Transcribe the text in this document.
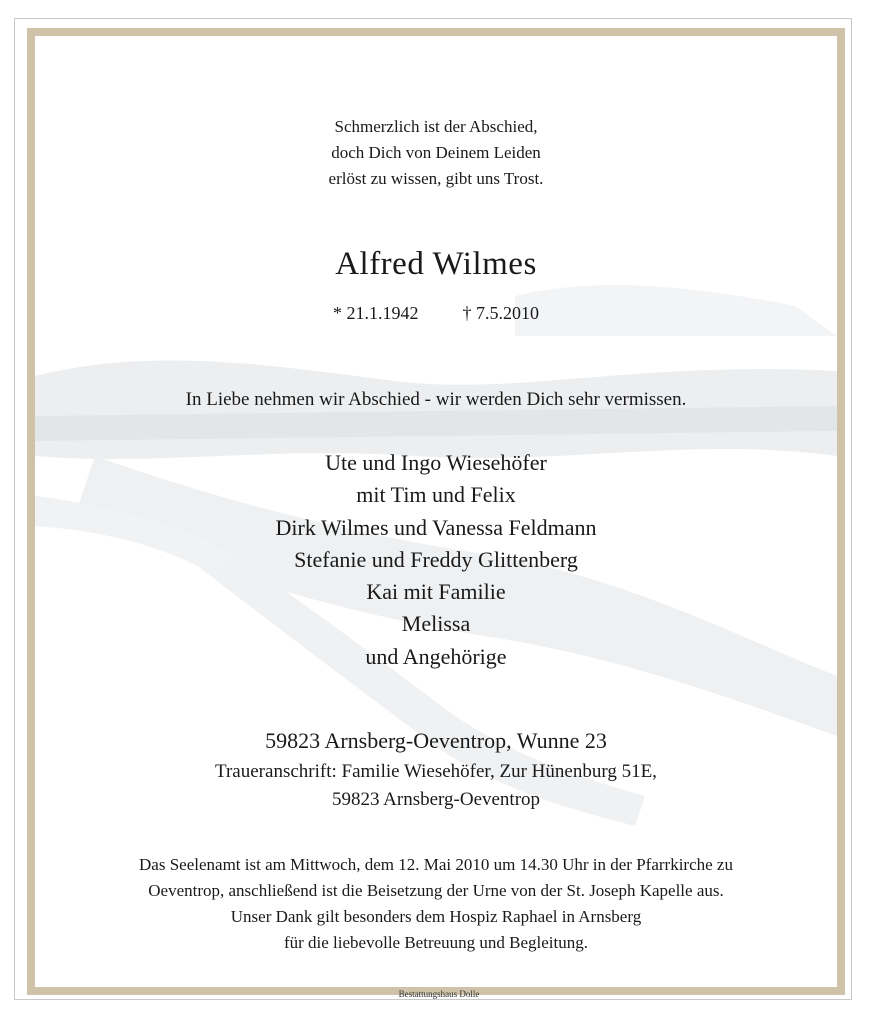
Schmerzlich ist der Abschied,
doch Dich von Deinem Leiden
erlöst zu wissen, gibt uns Trost.
Alfred Wilmes
* 21.1.1942 † 7.5.2010
In Liebe nehmen wir Abschied - wir werden Dich sehr vermissen.
Ute und Ingo Wiesehöfer
mit Tim und Felix
Dirk Wilmes und Vanessa Feldmann
Stefanie und Freddy Glittenberg
Kai mit Familie
Melissa
und Angehörige
59823 Arnsberg-Oeventrop, Wunne 23
Traueranschrift: Familie Wiesehöfer, Zur Hünenburg 51E,
59823 Arnsberg-Oeventrop
Das Seelenamt ist am Mittwoch, dem 12. Mai 2010 um 14.30 Uhr in der Pfarrkirche zu
Oeventrop, anschließend ist die Beisetzung der Urne von der St. Joseph Kapelle aus.
Unser Dank gilt besonders dem Hospiz Raphael in Arnsberg
für die liebevolle Betreuung und Begleitung.
Bestattungshaus Dolle
